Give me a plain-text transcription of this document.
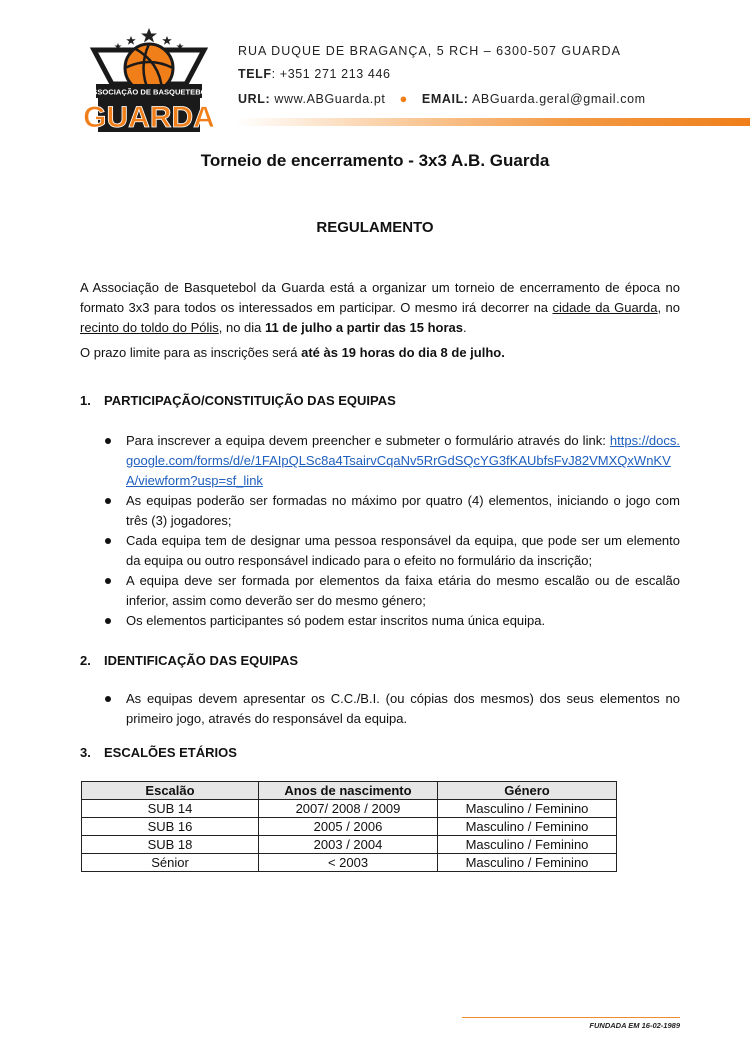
ASSOCIAÇÃO DE BASQUETEBOL
GUARDA
RUA DUQUE DE BRAGANÇA, 5 RCH – 6300-507 GUARDA
TELF: +351 271 213 446
URL: www.ABGuarda.pt ● EMAIL: ABGuarda.geral@gmail.com
Torneio de encerramento - 3x3 A.B. Guarda
REGULAMENTO
A Associação de Basquetebol da Guarda está a organizar um torneio de encerramento de época no formato 3x3 para todos os interessados em participar. O mesmo irá decorrer na cidade da Guarda, no recinto do toldo do Pólis, no dia 11 de julho a partir das 15 horas.
O prazo limite para as inscrições será até às 19 horas do dia 8 de julho.
1. PARTICIPAÇÃO/CONSTITUIÇÃO DAS EQUIPAS
Para inscrever a equipa devem preencher e submeter o formulário através do link: https://docs.google.com/forms/d/e/1FAIpQLSc8a4TsairvCqaNv5RrGdSQcYG3fKAUbfsFvJ82VMXQxWnKVA/viewform?usp=sf_link
As equipas poderão ser formadas no máximo por quatro (4) elementos, iniciando o jogo com três (3) jogadores;
Cada equipa tem de designar uma pessoa responsável da equipa, que pode ser um elemento da equipa ou outro responsável indicado para o efeito no formulário da inscrição;
A equipa deve ser formada por elementos da faixa etária do mesmo escalão ou de escalão inferior, assim como deverão ser do mesmo género;
Os elementos participantes só podem estar inscritos numa única equipa.
2. IDENTIFICAÇÃO DAS EQUIPAS
As equipas devem apresentar os C.C./B.I. (ou cópias dos mesmos) dos seus elementos no primeiro jogo, através do responsável da equipa.
3. ESCALÕES ETÁRIOS
Escalão	Anos de nascimento	Género
SUB 14	2007/ 2008 / 2009	Masculino / Feminino
SUB 16	2005 / 2006	Masculino / Feminino
SUB 18	2003 / 2004	Masculino / Feminino
Sénior	< 2003	Masculino / Feminino
FUNDADA EM 16-02-1989
